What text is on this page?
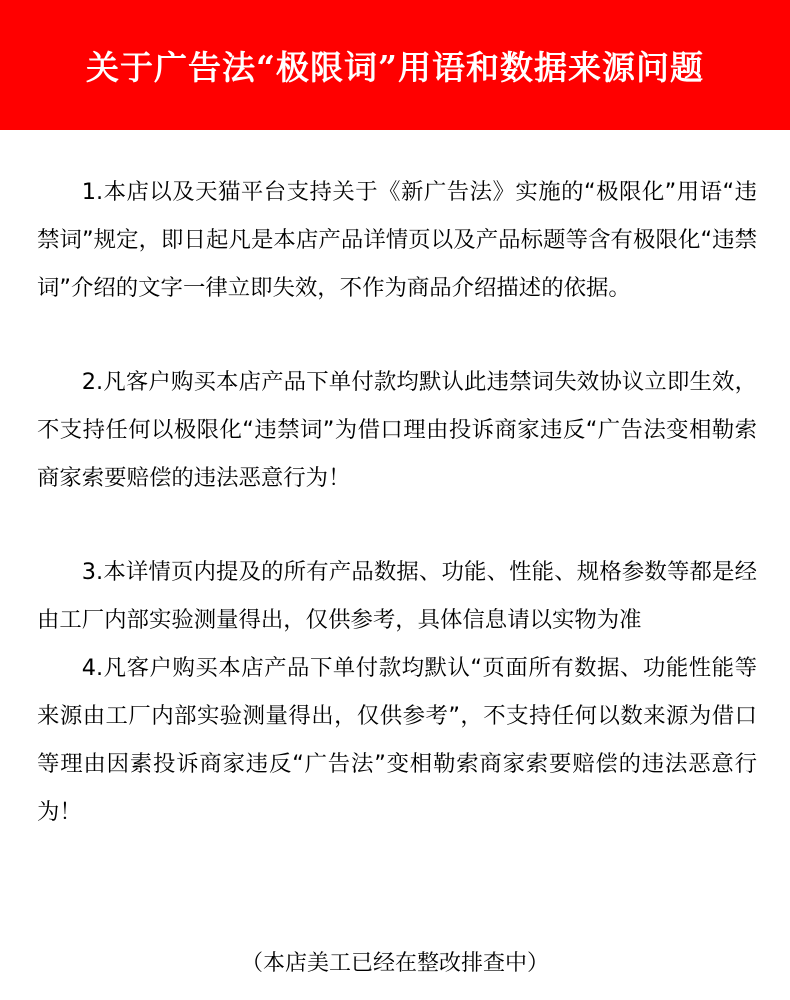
关于广告法“极限词”用语和数据来源问题

1.本店以及天猫平台支持关于《新广告法》实施的“极限化”用语“违禁词”规定，即日起凡是本店产品详情页以及产品标题等含有极限化“违禁词”介绍的文字一律立即失效，不作为商品介绍描述的依据。

2.凡客户购买本店产品下单付款均默认此违禁词失效协议立即生效，不支持任何以极限化“违禁词”为借口理由投诉商家违反“广告法变相勒索商家索要赔偿的违法恶意行为！

3.本详情页内提及的所有产品数据、功能、性能、规格参数等都是经由工厂内部实验测量得出，仅供参考，具体信息请以实物为准

4.凡客户购买本店产品下单付款均默认“页面所有数据、功能性能等来源由工厂内部实验测量得出，仅供参考”，不支持任何以数来源为借口等理由因素投诉商家违反“广告法”变相勒索商家索要赔偿的违法恶意行为！

（本店美工已经在整改排查中）
